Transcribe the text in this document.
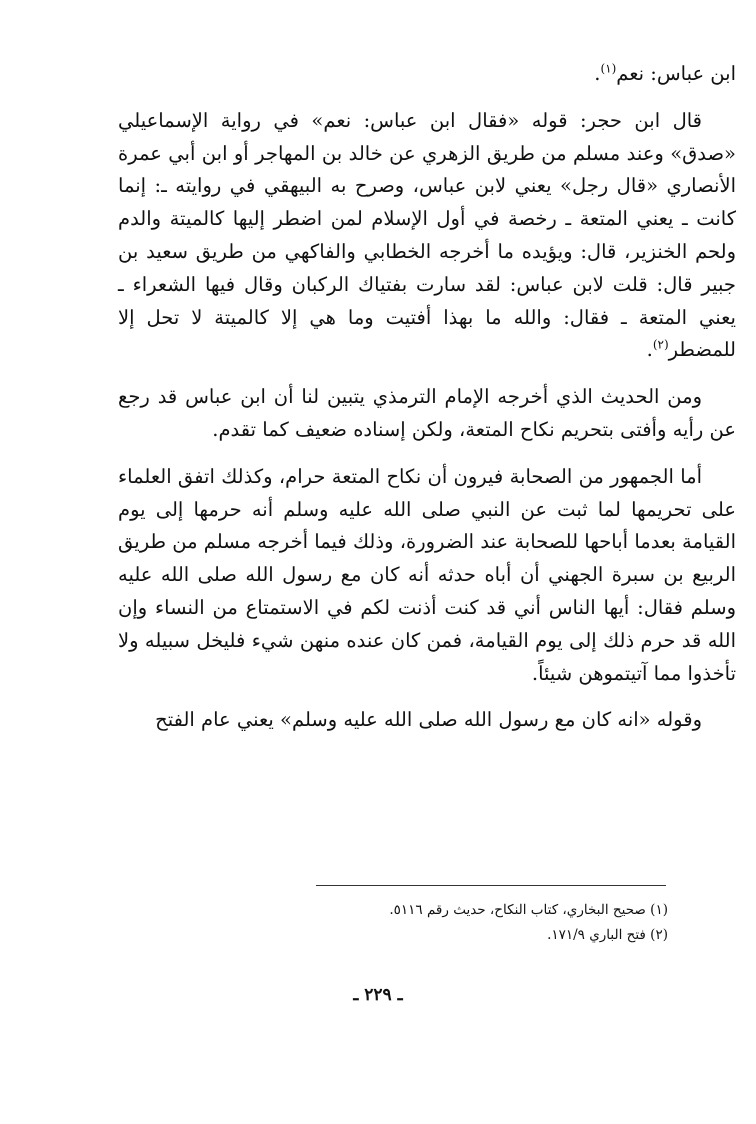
ابن عباس: نعم$^{(١)}$.

قال ابن حجر: قوله «فقال ابن عباس: نعم» في رواية الإسماعيلي «صدق» وعند مسلم من طريق الزهري عن خالد بن المهاجر أو ابن أبي عمرة الأنصاري «قال رجل» يعني لابن عباس، وصرح به البيهقي في روايته ـ: إنما كانت ـ يعني المتعة ـ رخصة في أول الإسلام لمن اضطر إليها كالميتة والدم ولحم الخنزير، قال: ويؤيده ما أخرجه الخطابي والفاكهي من طريق سعيد بن جبير قال: قلت لابن عباس: لقد سارت بفتياك الركبان وقال فيها الشعراء ـ يعني المتعة ـ فقال: والله ما بهذا أفتيت وما هي إلا كالميتة لا تحل إلا للمضطر$^{(٢)}$.

ومن الحديث الذي أخرجه الإمام الترمذي يتبين لنا أن ابن عباس قد رجع عن رأيه وأفتى بتحريم نكاح المتعة، ولكن إسناده ضعيف كما تقدم.

أما الجمهور من الصحابة فيرون أن نكاح المتعة حرام، وكذلك اتفق العلماء على تحريمها لما ثبت عن النبي صلى الله عليه وسلم أنه حرمها إلى يوم القيامة بعدما أباحها للصحابة عند الضرورة، وذلك فيما أخرجه مسلم من طريق الربيع بن سبرة الجهني أن أباه حدثه أنه كان مع رسول الله صلى الله عليه وسلم فقال: أيها الناس أني قد كنت أذنت لكم في الاستمتاع من النساء وإن الله قد حرم ذلك إلى يوم القيامة، فمن كان عنده منهن شيء فليخل سبيله ولا تأخذوا مما آتيتموهن شيئاً.

وقوله «انه كان مع رسول الله صلى الله عليه وسلم» يعني عام الفتح

(١) صحيح البخاري، كتاب النكاح، حديث رقم ٥١١٦.

(٢) فتح الباري ١٧١/٩.

ـ ٢٢٩ ـ
